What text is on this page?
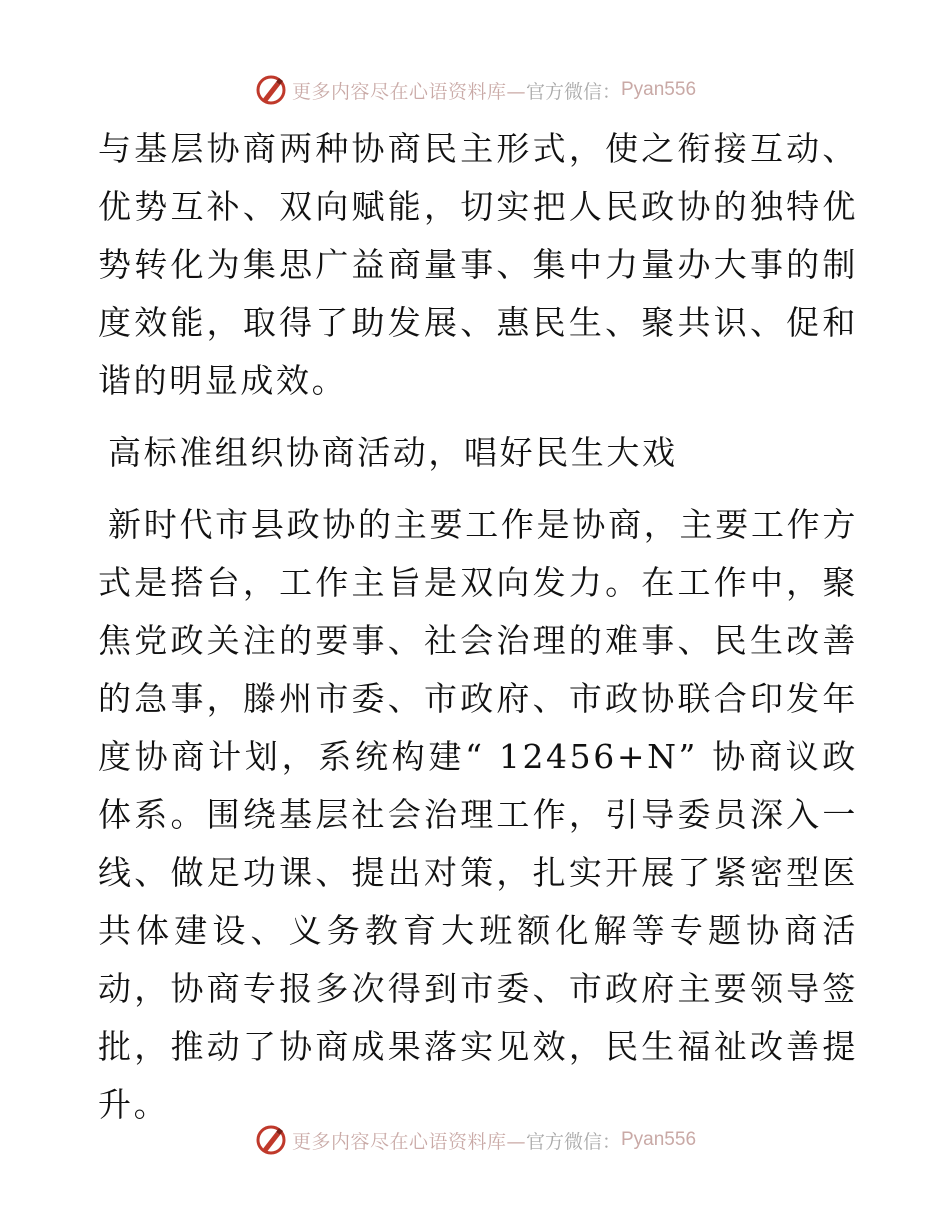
更多内容尽在心语资料库— 官方微信： Pyan556

与基层协商两种协商民主形式，使之衔接互动、优势互补、双向赋能，切实把人民政协的独特优势转化为集思广益商量事、集中力量办大事的制度效能，取得了助发展、惠民生、聚共识、促和谐的明显成效。

高标准组织协商活动，唱好民生大戏

新时代市县政协的主要工作是协商，主要工作方式是搭台，工作主旨是双向发力。在工作中，聚焦党政关注的要事、社会治理的难事、民生改善的急事，滕州市委、市政府、市政协联合印发年度协商计划，系统构建“ 12456+N” 协商议政体系。围绕基层社会治理工作，引导委员深入一线、做足功课、提出对策，扎实开展了紧密型医共体建设、义务教育大班额化解等专题协商活动，协商专报多次得到市委、市政府主要领导签批，推动了协商成果落实见效，民生福祉改善提升。

更多内容尽在心语资料库— 官方微信： Pyan556
